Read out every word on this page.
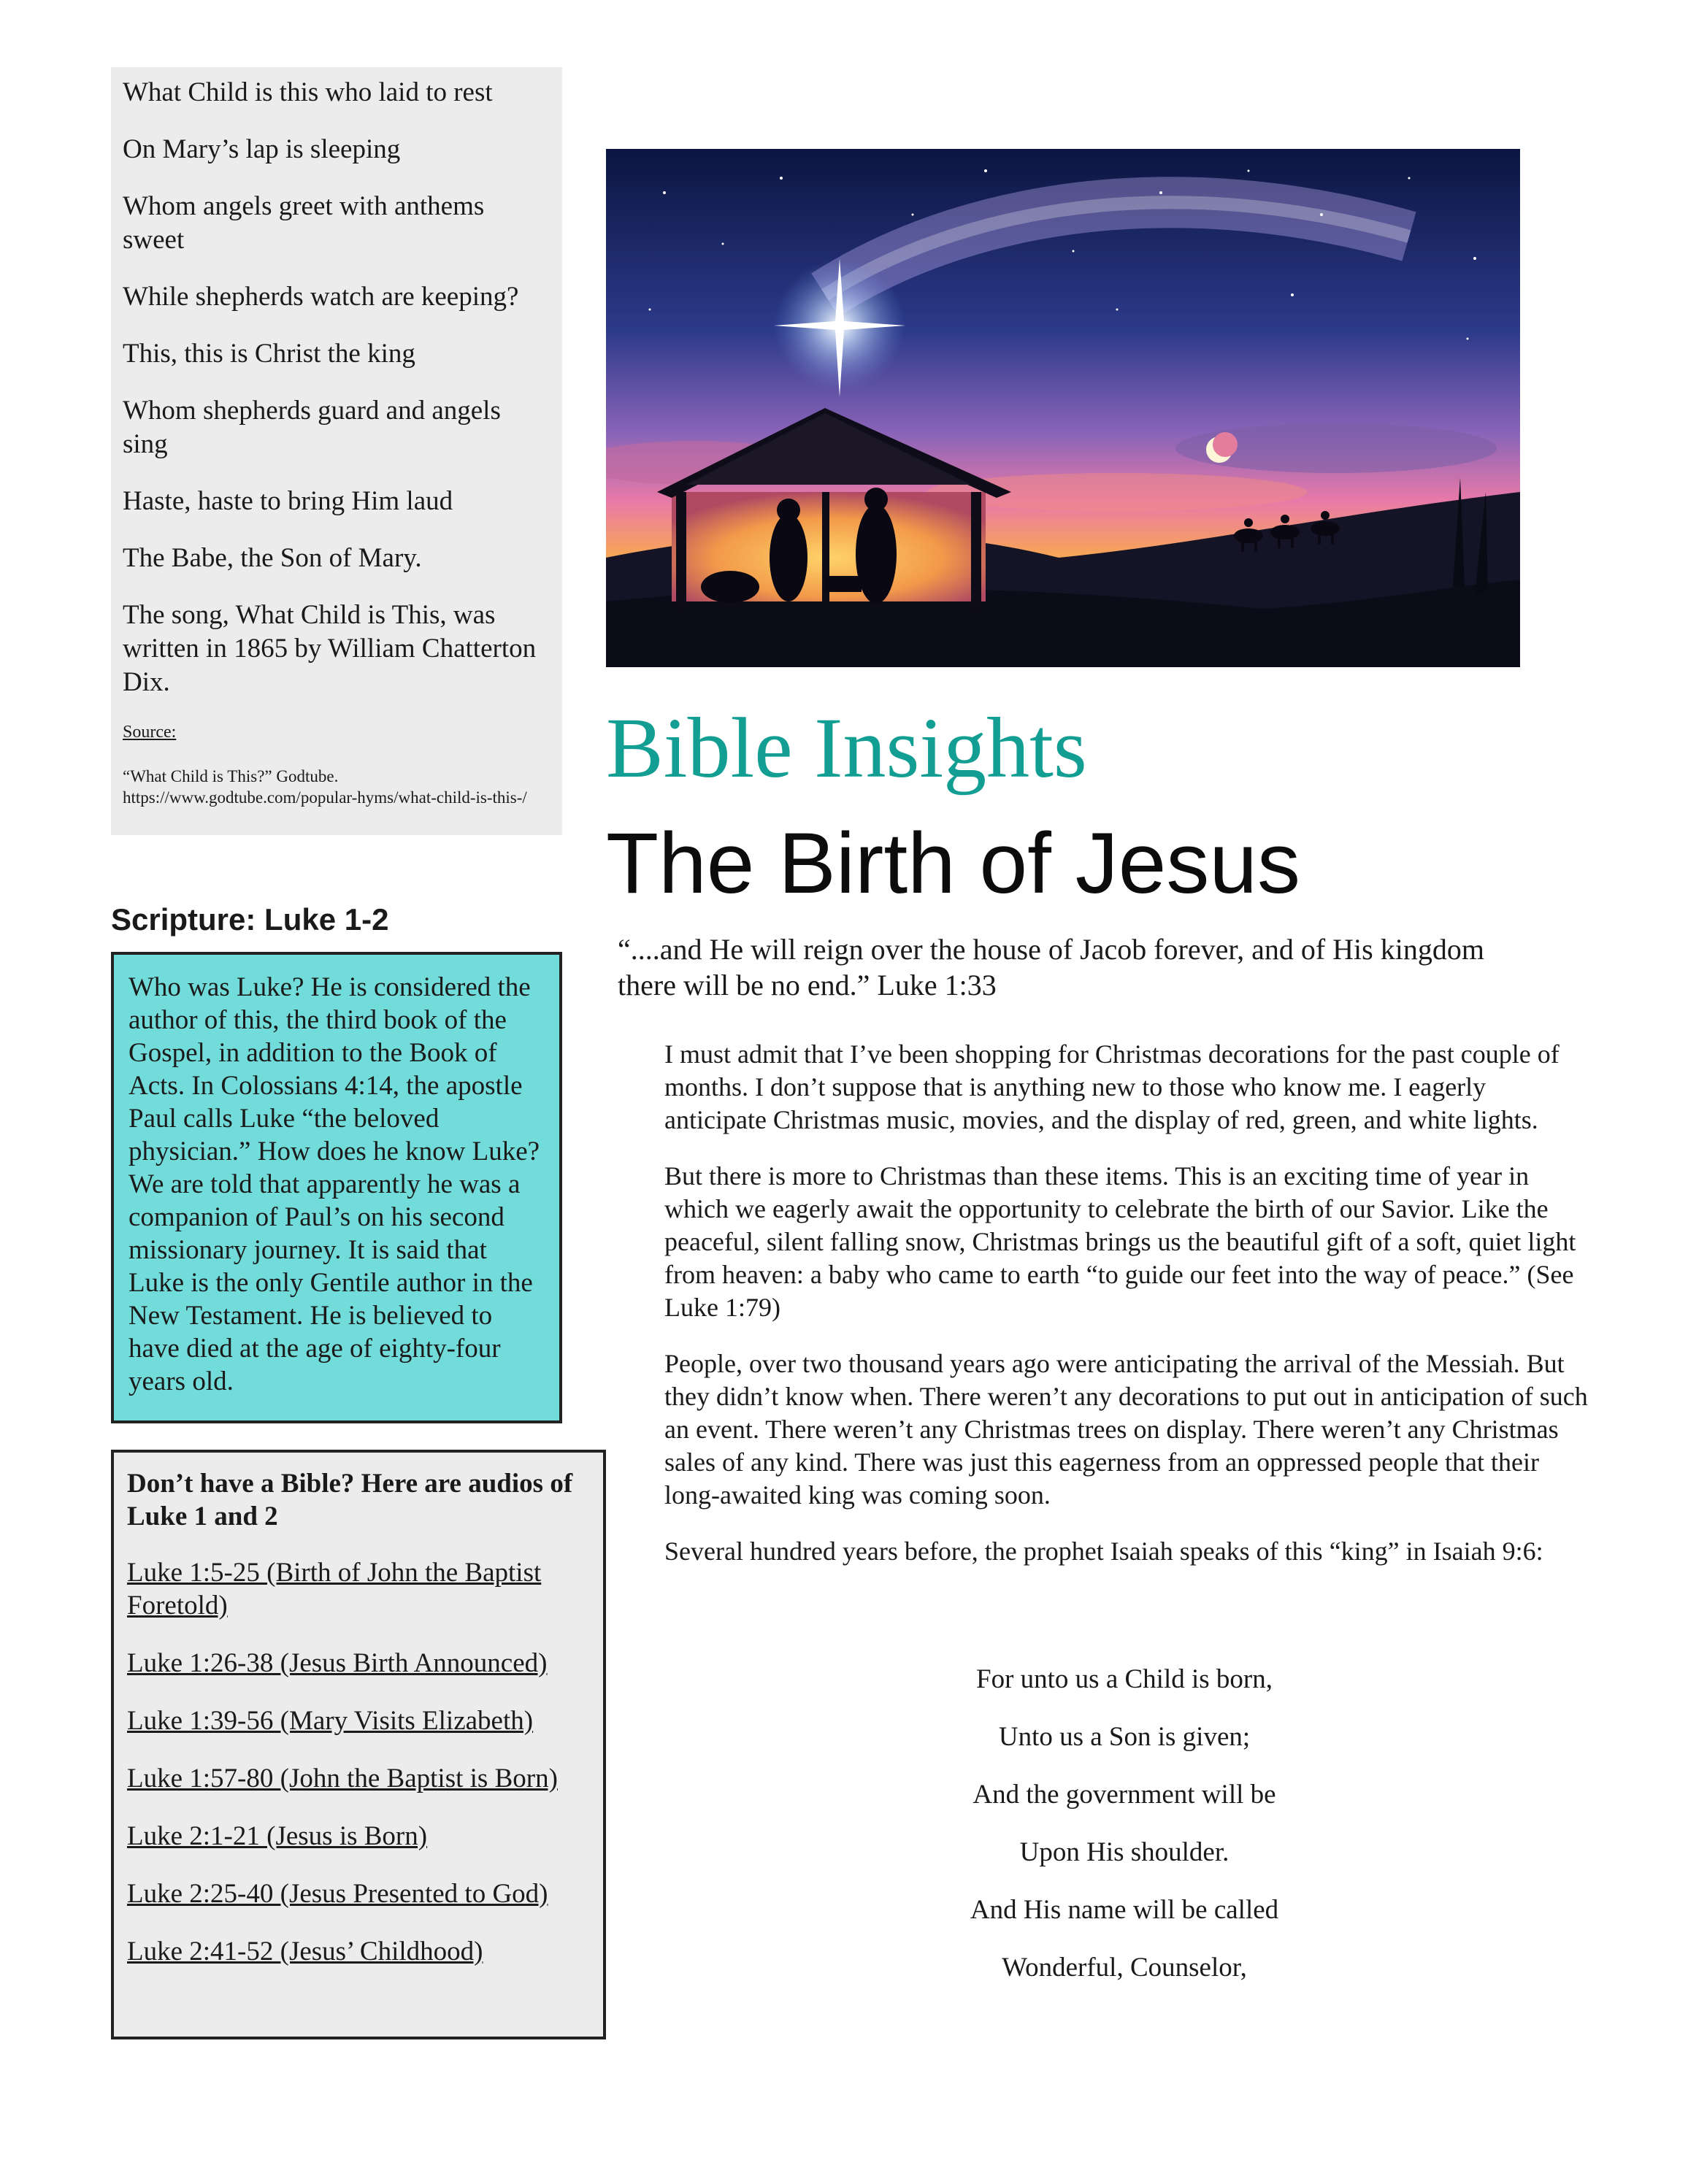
What Child is this who laid to rest

On Mary’s lap is sleeping

Whom angels greet with anthems sweet

While shepherds watch are keeping?

This, this is Christ the king

Whom shepherds guard and angels sing

Haste, haste to bring Him laud

The Babe, the Son of Mary.

The song, What Child is This, was written in 1865 by William Chatterton Dix.

Source:

“What Child is This?” Godtube. https://www.godtube.com/popular-hyms/what-child-is-this-/

Scripture: Luke 1-2

Who was Luke? He is considered the author of this, the third book of the Gospel, in addition to the Book of Acts. In Colossians 4:14, the apostle Paul calls Luke “the beloved physician.” How does he know Luke? We are told that apparently he was a companion of Paul’s on his second missionary journey. It is said that Luke is the only Gentile author in the New Testament. He is believed to have died at the age of eighty-four years old.

Don’t have a Bible? Here are audios of Luke 1 and 2

Luke 1:5-25 (Birth of John the Baptist Foretold)
Luke 1:26-38 (Jesus Birth Announced)
Luke 1:39-56 (Mary Visits Elizabeth)
Luke 1:57-80 (John the Baptist is Born)
Luke 2:1-21 (Jesus is Born)
Luke 2:25-40 (Jesus Presented to God)
Luke 2:41-52 (Jesus’ Childhood)
Bible Insights
The Birth of Jesus

“....and He will reign over the house of Jacob forever, and of His kingdom there will be no end.” Luke 1:33

I must admit that I’ve been shopping for Christmas decorations for the past couple of months. I don’t suppose that is anything new to those who know me. I eagerly anticipate Christmas music, movies, and the display of red, green, and white lights.

But there is more to Christmas than these items. This is an exciting time of year in which we eagerly await the opportunity to celebrate the birth of our Savior. Like the peaceful, silent falling snow, Christmas brings us the beautiful gift of a soft, quiet light from heaven: a baby who came to earth “to guide our feet into the way of peace.” (See Luke 1:79)

People, over two thousand years ago were anticipating the arrival of the Messiah. But they didn’t know when. There weren’t any decorations to put out in anticipation of such an event. There weren’t any Christmas trees on display. There weren’t any Christmas sales of any kind. There was just this eagerness from an oppressed people that their long-awaited king was coming soon.

Several hundred years before, the prophet Isaiah speaks of this “king” in Isaiah 9:6:

For unto us a Child is born,

Unto us a Son is given;

And the government will be

Upon His shoulder.

And His name will be called

Wonderful, Counselor,
